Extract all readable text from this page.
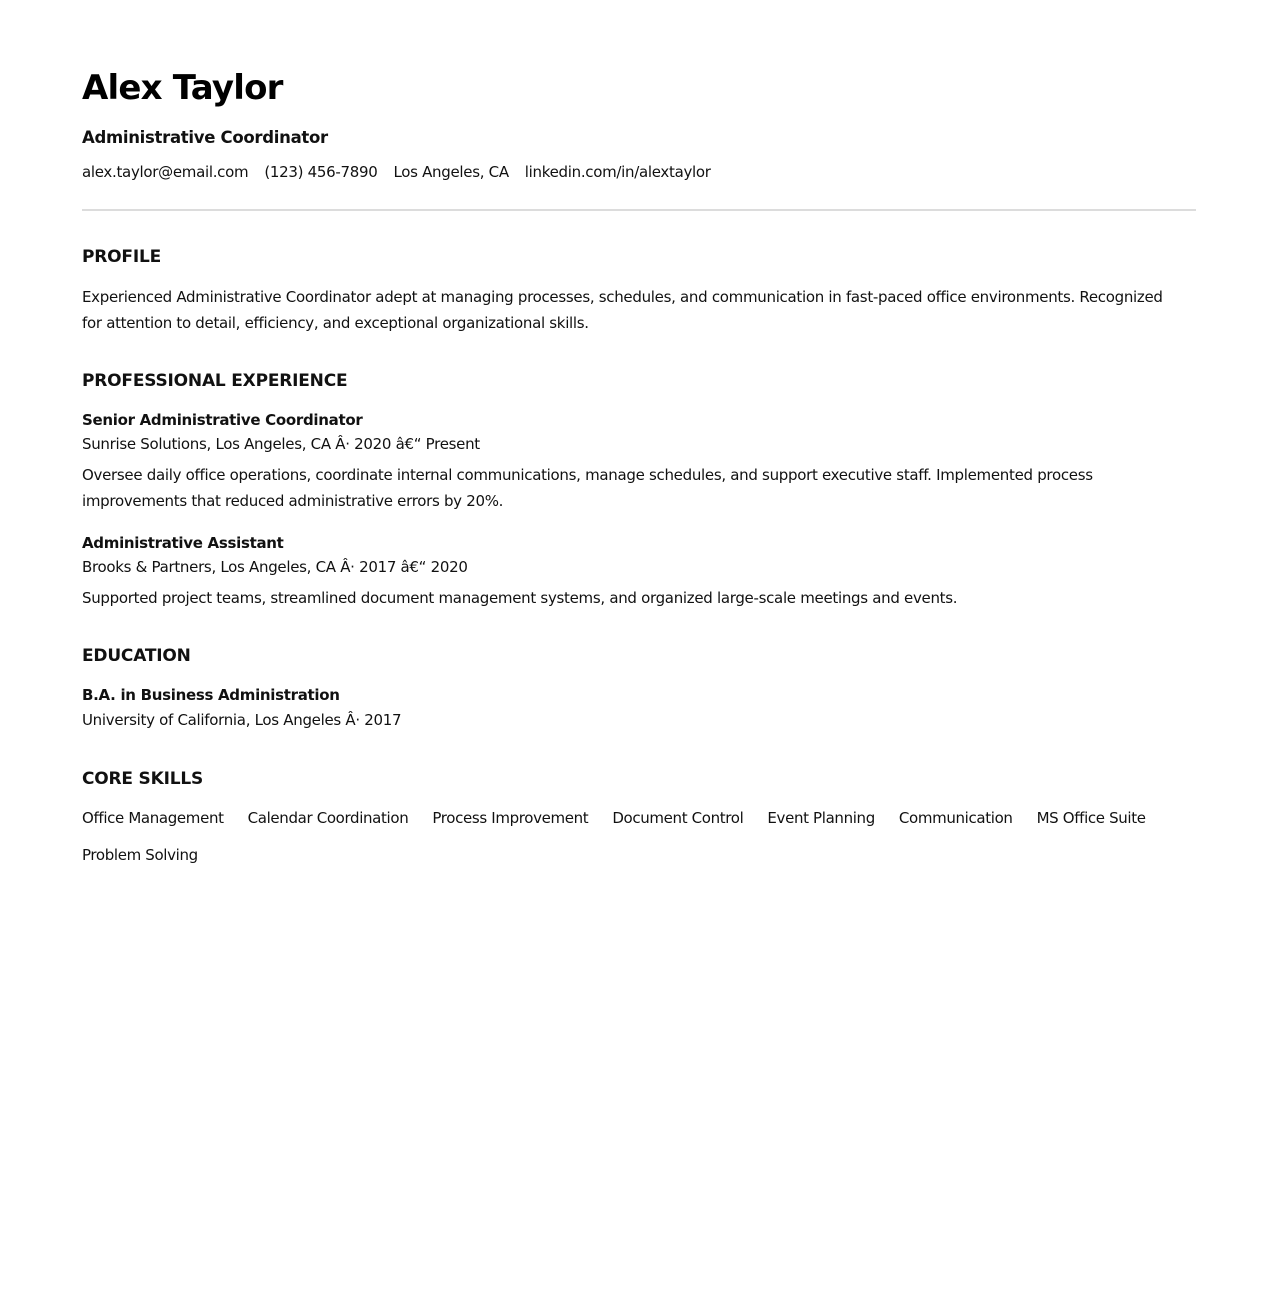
Alex Taylor
Administrative Coordinator
alex.taylor@email.com (123) 456-7890 Los Angeles, CA linkedin.com/in/alextaylor
PROFILE

Experienced Administrative Coordinator adept at managing processes, schedules, and communication in fast-paced office environments. Recognized for attention to detail, efficiency, and exceptional organizational skills.

PROFESSIONAL EXPERIENCE
Senior Administrative Coordinator
Sunrise Solutions, Los Angeles, CA Â· 2020 â€“ Present

Oversee daily office operations, coordinate internal communications, manage schedules, and support executive staff. Implemented process improvements that reduced administrative errors by 20%.

Administrative Assistant
Brooks & Partners, Los Angeles, CA Â· 2017 â€“ 2020

Supported project teams, streamlined document management systems, and organized large-scale meetings and events.

EDUCATION
B.A. in Business Administration
University of California, Los Angeles Â· 2017
CORE SKILLS
Office Management Calendar Coordination Process Improvement Document Control Event Planning Communication MS Office Suite
Problem Solving
